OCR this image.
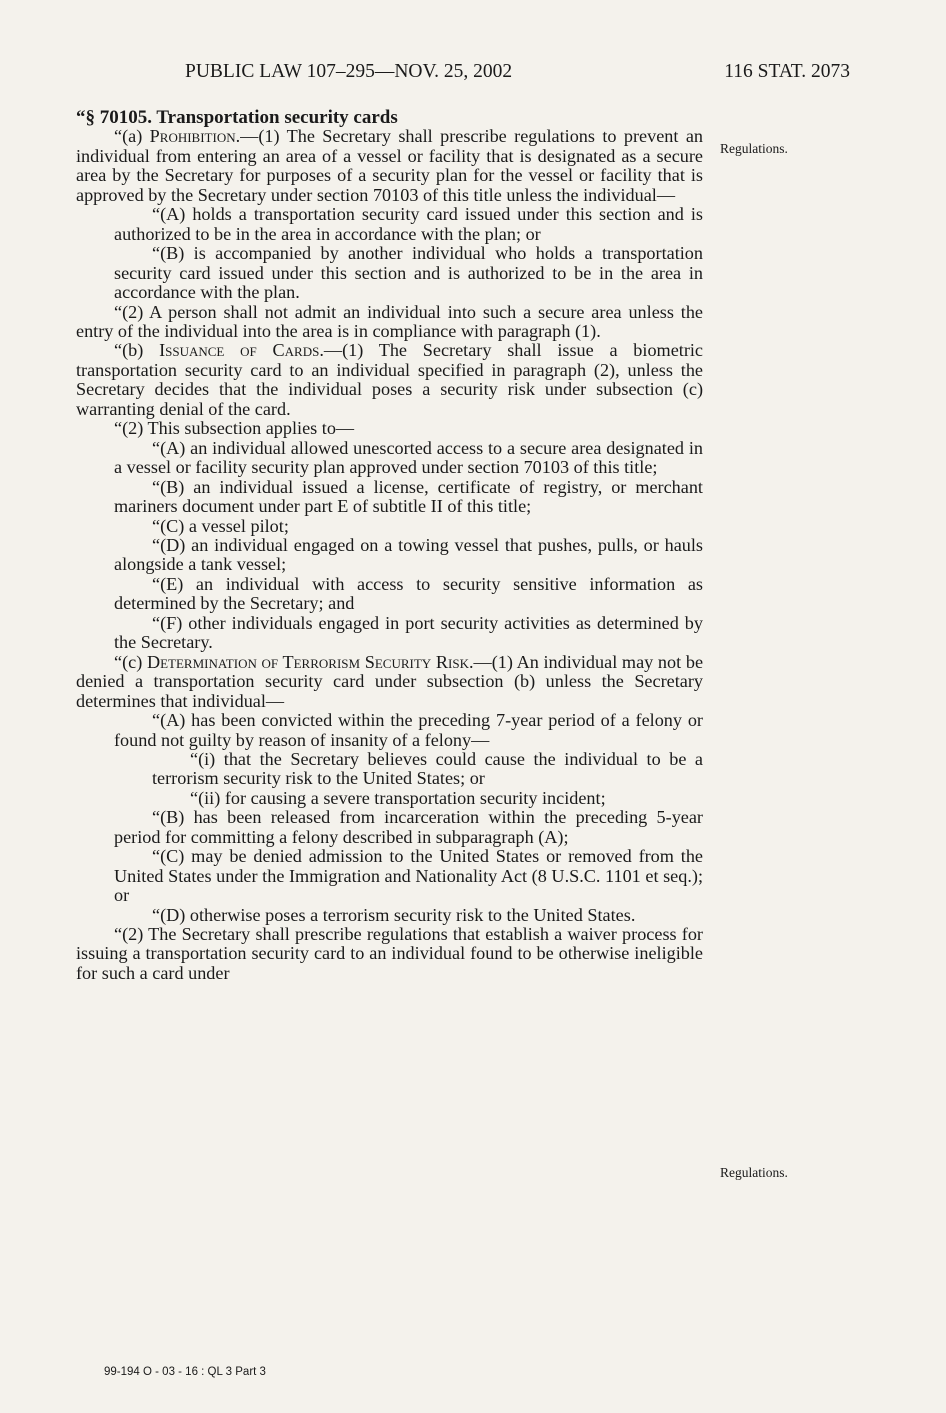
PUBLIC LAW 107–295—NOV. 25, 2002	116 STAT. 2073
Regulations.
Regulations.

“§ 70105. Transportation security cards

“(a) Prohibition.—(1) The Secretary shall prescribe regulations to prevent an individual from entering an area of a vessel or facility that is designated as a secure area by the Secretary for purposes of a security plan for the vessel or facility that is approved by the Secretary under section 70103 of this title unless the individual—

“(A) holds a transportation security card issued under this section and is authorized to be in the area in accordance with the plan; or

“(B) is accompanied by another individual who holds a transportation security card issued under this section and is authorized to be in the area in accordance with the plan.

“(2) A person shall not admit an individual into such a secure area unless the entry of the individual into the area is in compliance with paragraph (1).

“(b) Issuance of Cards.—(1) The Secretary shall issue a biometric transportation security card to an individual specified in paragraph (2), unless the Secretary decides that the individual poses a security risk under subsection (c) warranting denial of the card.

“(2) This subsection applies to—

“(A) an individual allowed unescorted access to a secure area designated in a vessel or facility security plan approved under section 70103 of this title;

“(B) an individual issued a license, certificate of registry, or merchant mariners document under part E of subtitle II of this title;

“(C) a vessel pilot;

“(D) an individual engaged on a towing vessel that pushes, pulls, or hauls alongside a tank vessel;

“(E) an individual with access to security sensitive information as determined by the Secretary; and

“(F) other individuals engaged in port security activities as determined by the Secretary.

“(c) Determination of Terrorism Security Risk.—(1) An individual may not be denied a transportation security card under subsection (b) unless the Secretary determines that individual—

“(A) has been convicted within the preceding 7-year period of a felony or found not guilty by reason of insanity of a felony—

“(i) that the Secretary believes could cause the individual to be a terrorism security risk to the United States; or

“(ii) for causing a severe transportation security incident;

“(B) has been released from incarceration within the preceding 5-year period for committing a felony described in subparagraph (A);

“(C) may be denied admission to the United States or removed from the United States under the Immigration and Nationality Act (8 U.S.C. 1101 et seq.); or

“(D) otherwise poses a terrorism security risk to the United States.

“(2) The Secretary shall prescribe regulations that establish a waiver process for issuing a transportation security card to an individual found to be otherwise ineligible for such a card under

99-194 O - 03 - 16 : QL 3 Part 3
